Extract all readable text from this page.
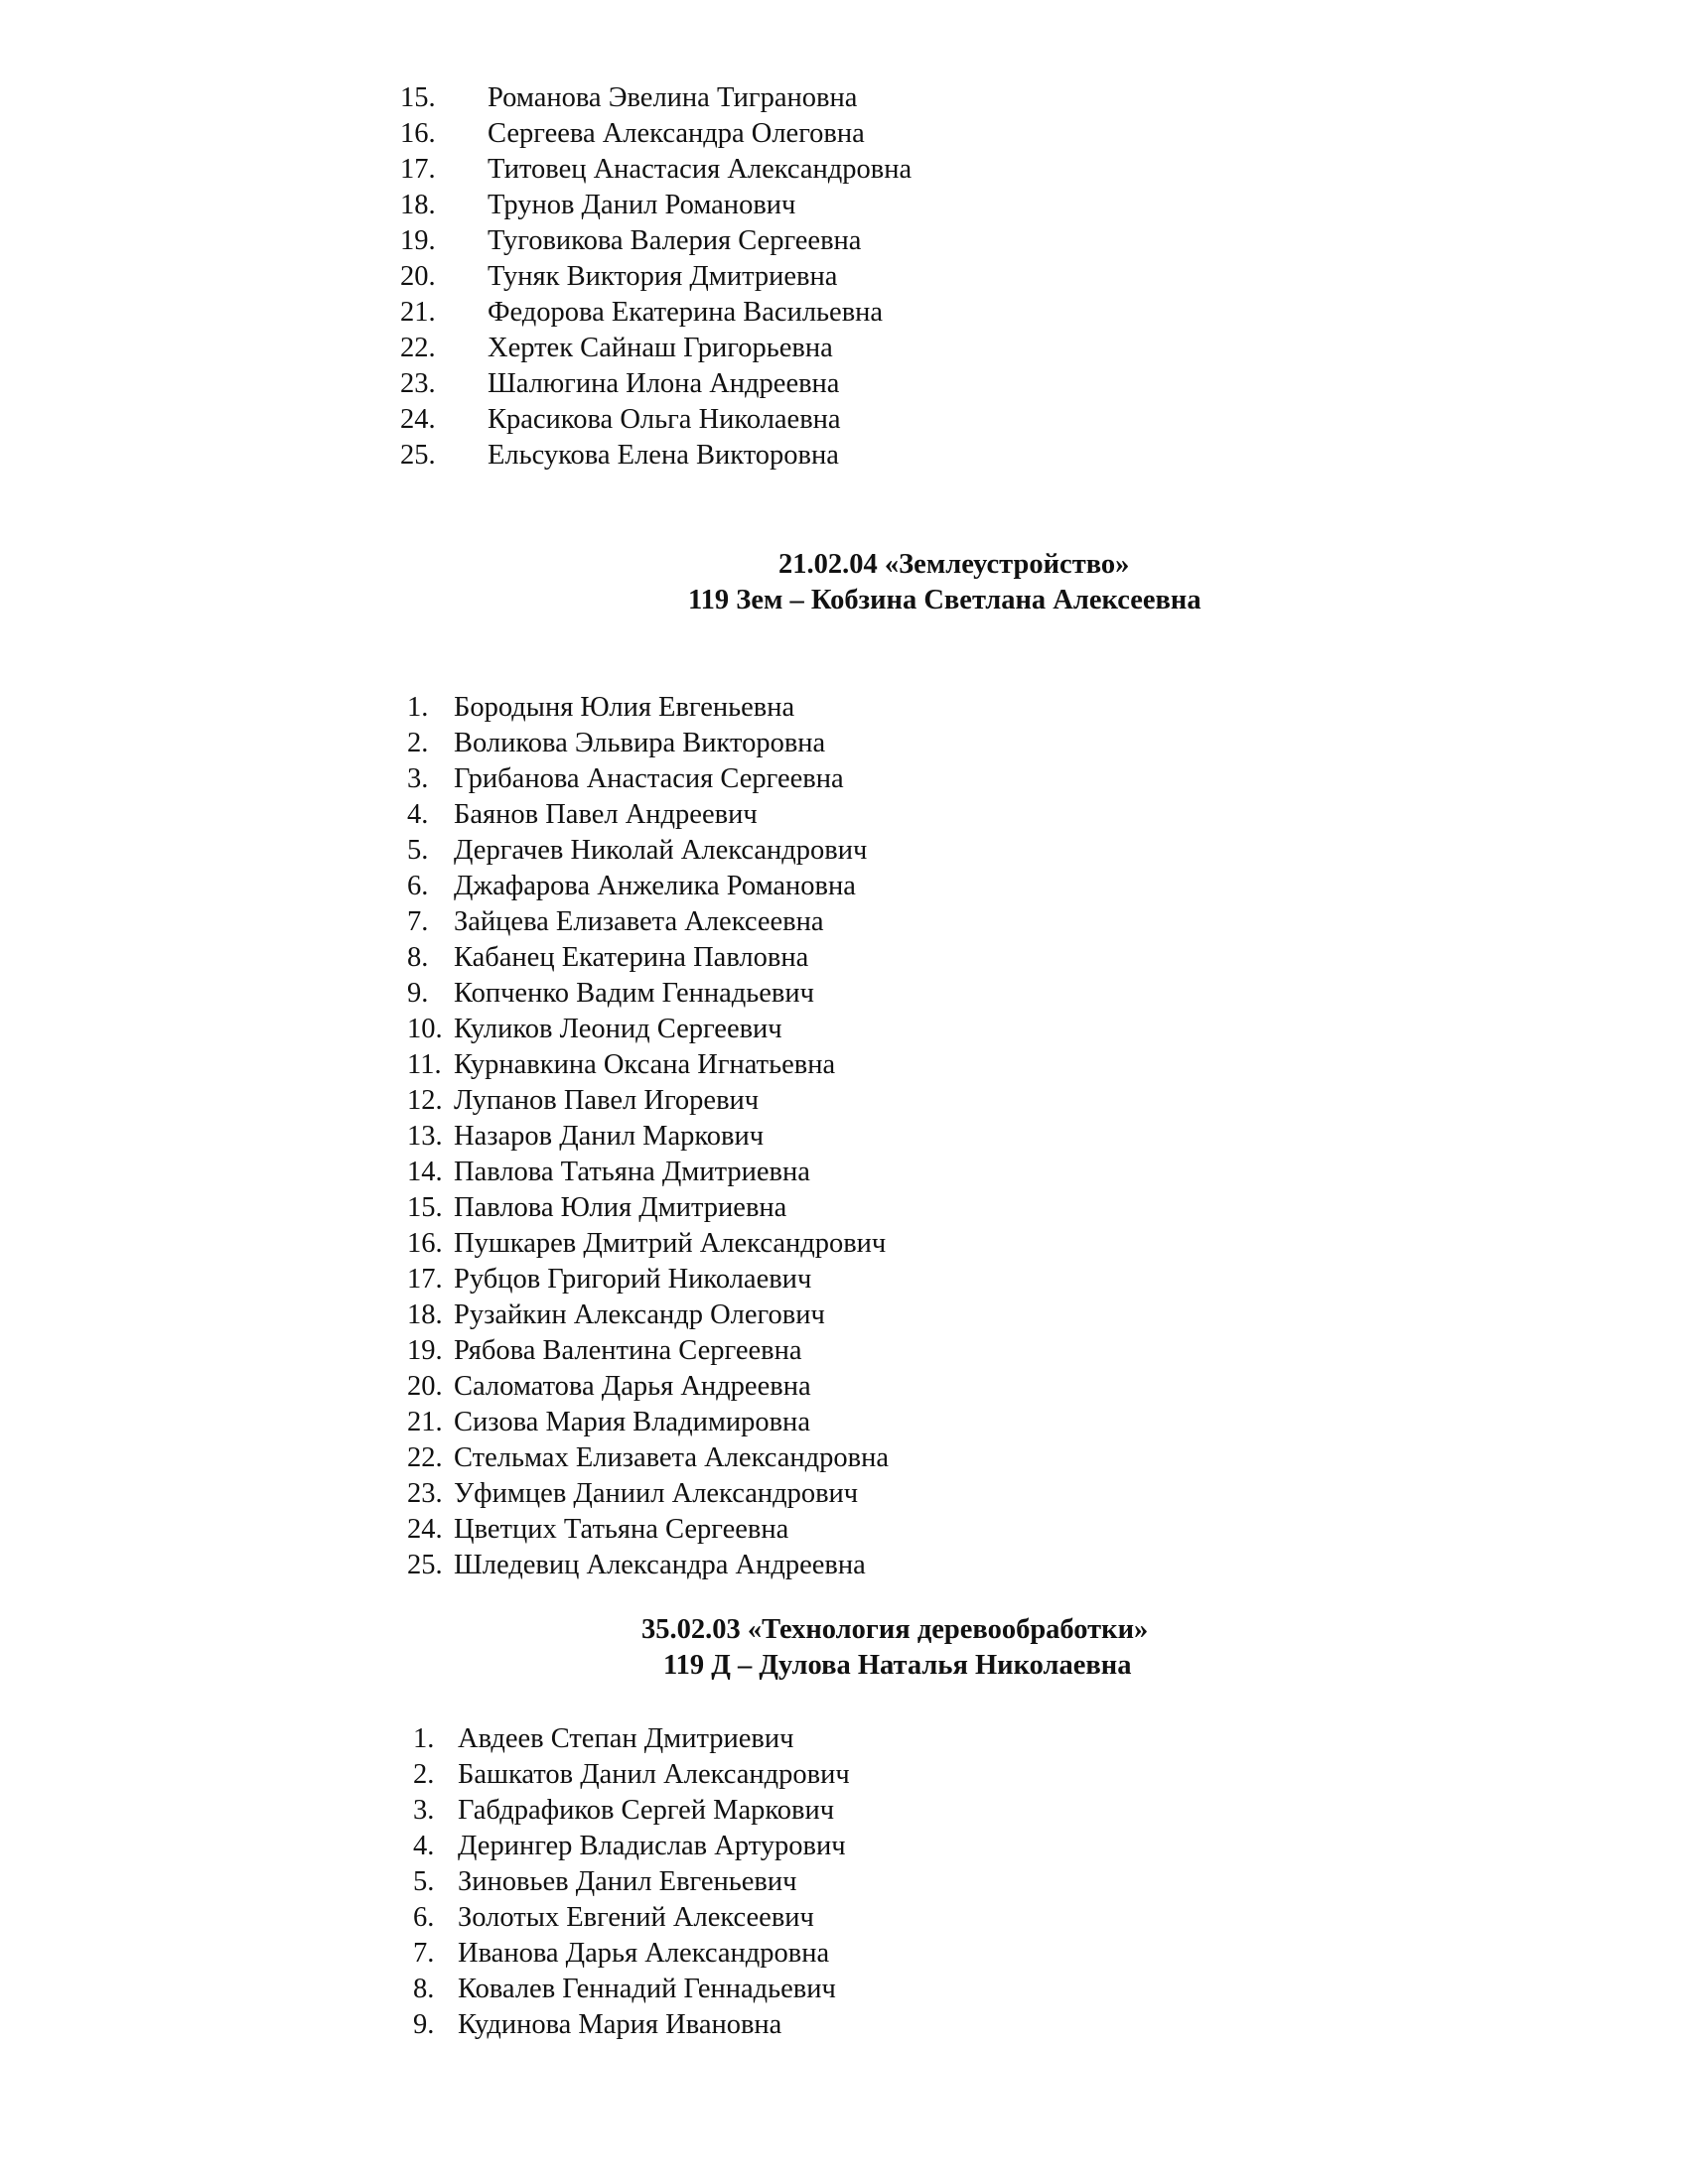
15.	Романова Эвелина Тиграновна
16.	Сергеева Александра Олеговна
17.	Титовец Анастасия Александровна
18.	Трунов Данил Романович
19.	Туговикова Валерия Сергеевна
20.	Туняк Виктория Дмитриевна
21.	Федорова Екатерина Васильевна
22.	Хертек Сайнаш Григорьевна
23.	Шалюгина Илона Андреевна
24.	Красикова Ольга Николаевна
25.	Ельсукова Елена Викторовна
21.02.04 «Землеустройство»
119 Зем – Кобзина Светлана Алексеевна
1. Бородыня Юлия Евгеньевна
2. Воликова Эльвира Викторовна
3. Грибанова Анастасия Сергеевна
4. Баянов Павел Андреевич
5. Дергачев Николай Александрович
6. Джафарова Анжелика Романовна
7. Зайцева Елизавета Алексеевна
8. Кабанец Екатерина Павловна
9. Копченко Вадим Геннадьевич
10. Куликов Леонид Сергеевич
11. Курнавкина Оксана Игнатьевна
12. Лупанов Павел Игоревич
13. Назаров Данил Маркович
14. Павлова Татьяна Дмитриевна
15. Павлова Юлия Дмитриевна
16. Пушкарев Дмитрий Александрович
17. Рубцов Григорий Николаевич
18. Рузайкин Александр Олегович
19. Рябова Валентина Сергеевна
20. Саломатова Дарья Андреевна
21. Сизова Мария Владимировна
22. Стельмах Елизавета Александровна
23. Уфимцев Даниил Александрович
24. Цветцих Татьяна Сергеевна
25. Шледевиц Александра Андреевна
35.02.03 «Технология деревообработки»
119 Д – Дулова Наталья Николаевна
1. Авдеев Степан Дмитриевич
2. Башкатов Данил Александрович
3. Габдрафиков Сергей Маркович
4. Дерингер Владислав Артурович
5. Зиновьев Данил Евгеньевич
6. Золотых Евгений Алексеевич
7. Иванова Дарья Александровна
8. Ковалев Геннадий Геннадьевич
9. Кудинова Мария Ивановна
